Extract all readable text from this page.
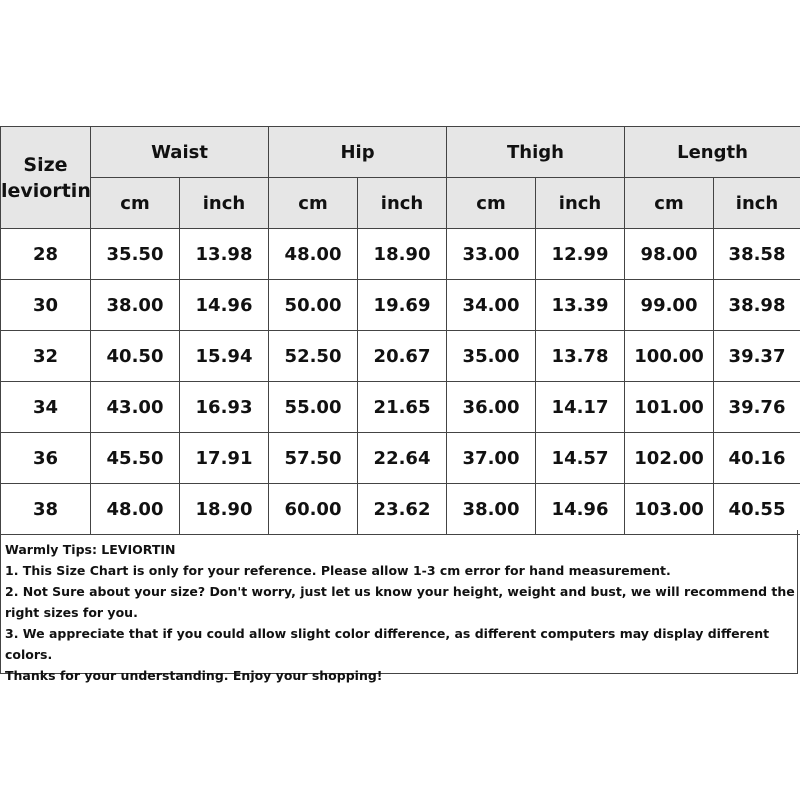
Size
leviortin	Waist		Hip		Thigh		Length	
	cm	inch	cm	inch	cm	inch	cm	inch
28	35.50	13.98	48.00	18.90	33.00	12.99	98.00	38.58
30	38.00	14.96	50.00	19.69	34.00	13.39	99.00	38.98
32	40.50	15.94	52.50	20.67	35.00	13.78	100.00	39.37
34	43.00	16.93	55.00	21.65	36.00	14.17	101.00	39.76
36	45.50	17.91	57.50	22.64	37.00	14.57	102.00	40.16
38	48.00	18.90	60.00	23.62	38.00	14.96	103.00	40.55
Warmly Tips: LEVIORTIN
1. This Size Chart is only for your reference. Please allow 1-3 cm error for hand measurement.
2. Not Sure about your size? Don't worry, just let us know your height, weight and bust, we will recommend the right sizes for you.
3. We appreciate that if you could allow slight color difference, as different computers may display different colors.
Thanks for your understanding. Enjoy your shopping!
